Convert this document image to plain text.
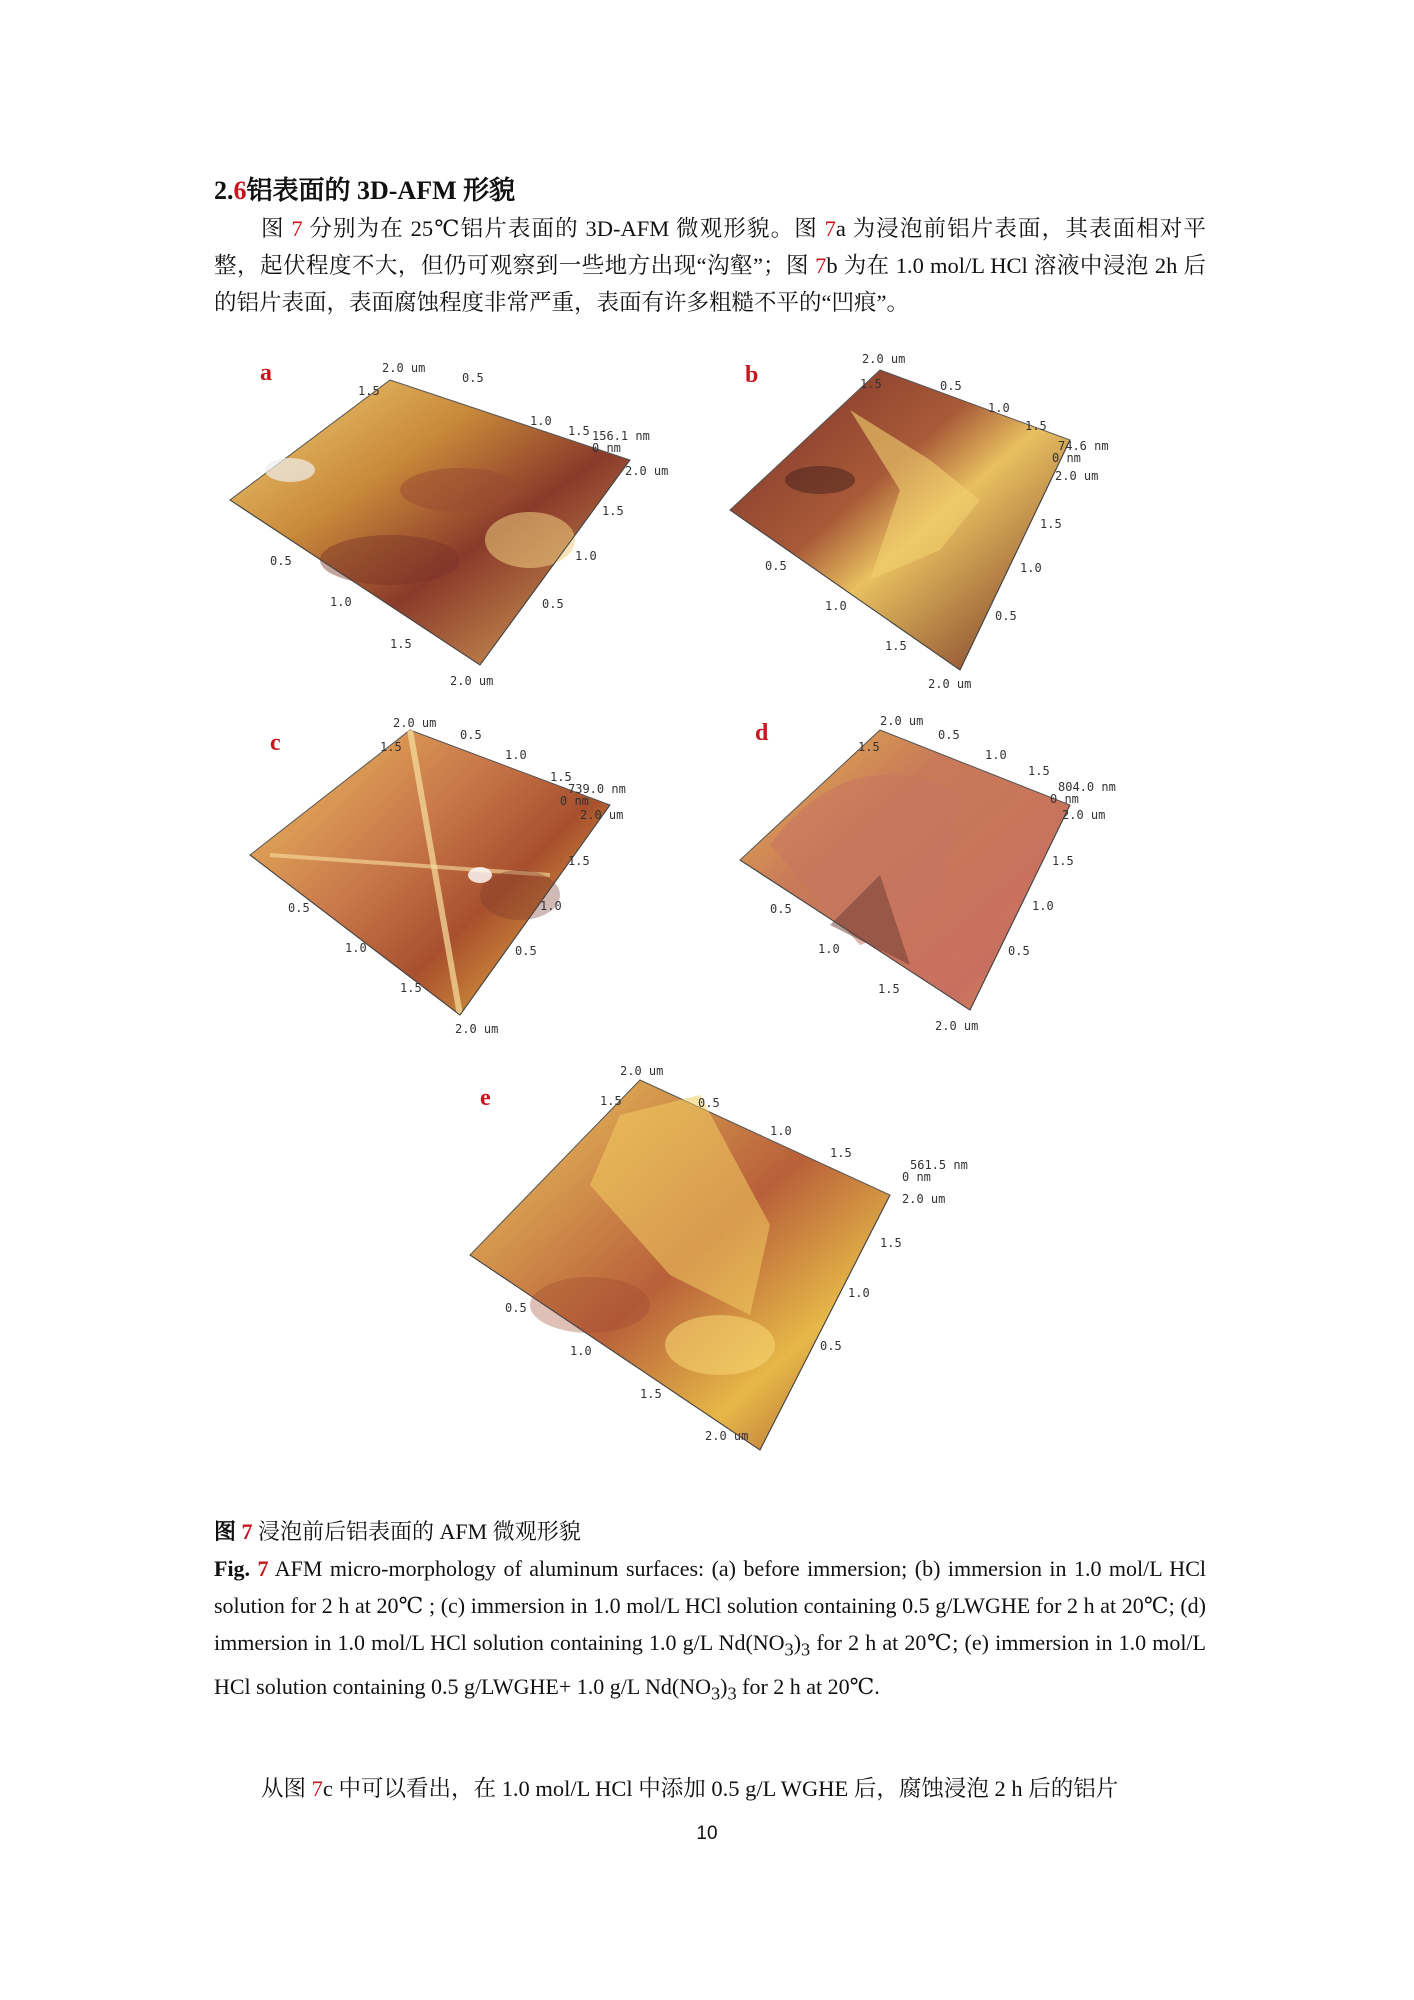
2.6铝表面的 3D-AFM 形貌

图 7 分别为在 25℃铝片表面的 3D-AFM 微观形貌。图 7a 为浸泡前铝片表面，其表面相对平整，起伏程度不大，但仍可观察到一些地方出现“沟壑”；图 7b 为在 1.0 mol/L HCl 溶液中浸泡 2h 后的铝片表面，表面腐蚀程度非常严重，表面有许多粗糙不平的“凹痕”。

a	2.0 um
1.5
0.5
1.0
1.5 156.1 nm
0 nm
2.0 um
1.5
1.0
0.5
0.5
1.0
1.5
2.0 um
b
2.0 um
1.5	0.5
1.0
1.5
74.6 nm
0 nm
2.0 um
1.5
1.0
0.5
0.5
1.0
1.5
2.0 um
c
2.0 um
1.5
0.5
1.0
1.5
739.0 nm
0 nm
2.0 um
1.5
1.0
0.5
0.5
1.0
1.5
2.0 um
d	2.0 um
1.5
0.5
1.0
1.5
804.0 nm
0 nm
2.0 um
1.5
1.0
0.5
0.5
1.0
1.5
2.0 um
e
2.0 um
1.5	0.5
1.0
1.5
561.5 nm
0 nm
2.0 um
1.5
1.0
0.5
0.5
1.0
1.5
2.0 um

图 7 浸泡前后铝表面的 AFM 微观形貌

Fig. 7 AFM micro-morphology of aluminum surfaces: (a) before immersion; (b) immersion in 1.0 mol/L HCl solution for 2 h at 20℃ ; (c) immersion in 1.0 mol/L HCl solution containing 0.5 g/LWGHE for 2 h at 20℃; (d) immersion in 1.0 mol/L HCl solution containing 1.0 g/L $Nd(NO_3)_3$ for 2 h at 20℃; (e) immersion in 1.0 mol/L HCl solution containing 0.5 g/LWGHE+ 1.0 g/L $Nd(NO_3)_3$ for 2 h at 20℃.

从图 7c 中可以看出，在 1.0 mol/L HCl 中添加 0.5 g/L WGHE 后，腐蚀浸泡 2 h 后的铝片

10
